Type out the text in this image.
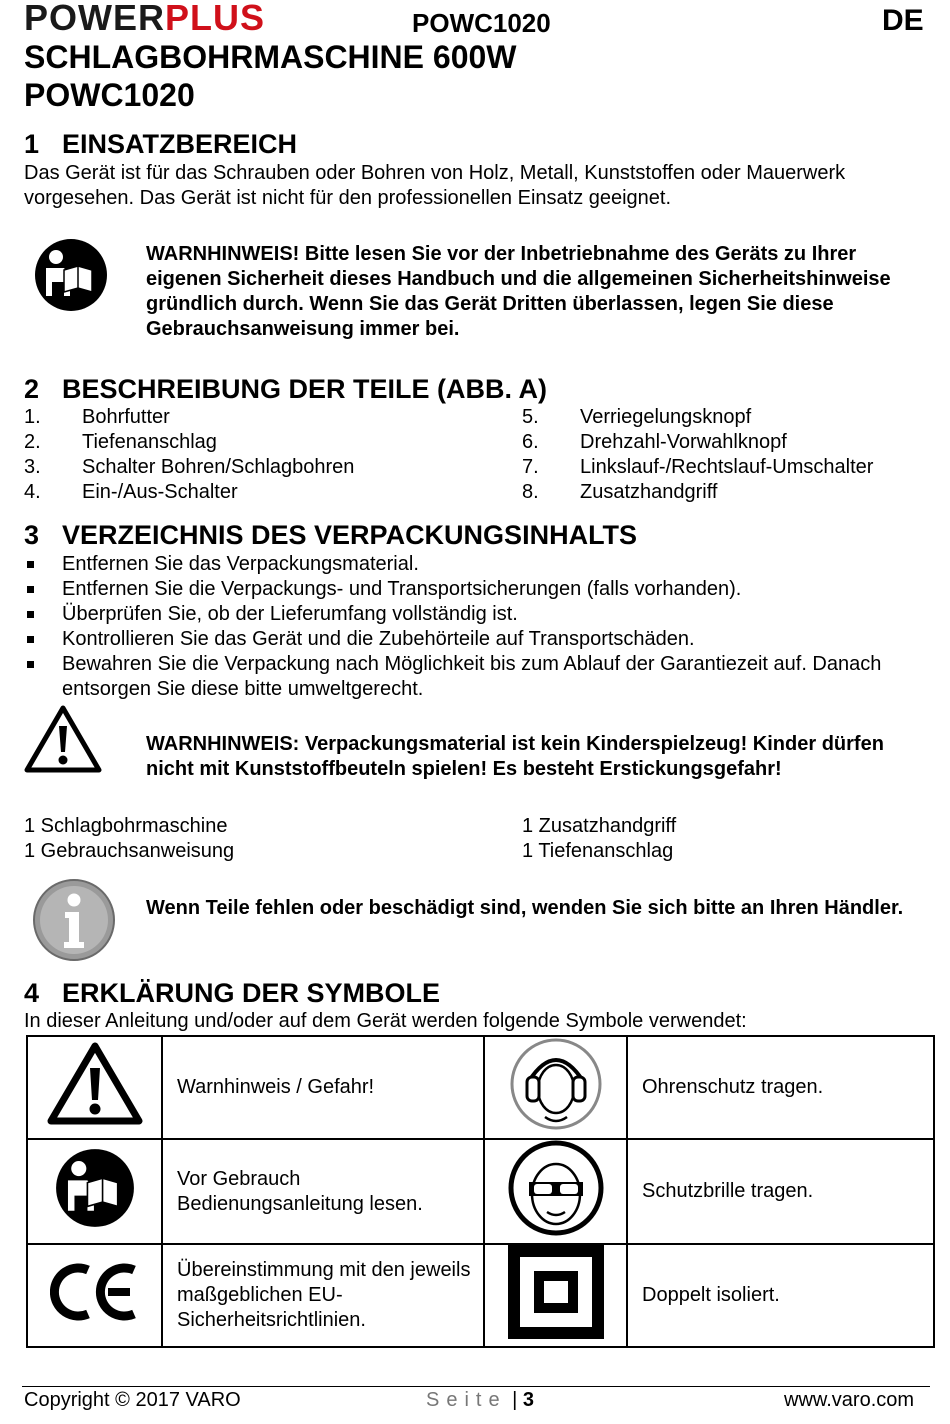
POWERPLUS	POWC1020	DE
SCHLAGBOHRMASCHINE 600W
POWC1020
1 EINSATZBEREICH
Das Gerät ist für das Schrauben oder Bohren von Holz, Metall, Kunststoffen oder Mauerwerk vorgesehen. Das Gerät ist nicht für den professionellen Einsatz geeignet.
WARNHINWEIS! Bitte lesen Sie vor der Inbetriebnahme des Geräts zu Ihrer eigenen Sicherheit dieses Handbuch und die allgemeinen Sicherheitshinweise gründlich durch. Wenn Sie das Gerät Dritten überlassen, legen Sie diese Gebrauchsanweisung immer bei.
2 BESCHREIBUNG DER TEILE (ABB. A)
1. Bohrfutter
2. Tiefenanschlag
3. Schalter Bohren/Schlagbohren
4. Ein-/Aus-Schalter
5. Verriegelungsknopf
6. Drehzahl-Vorwahlknopf
7. Linkslauf-/Rechtslauf-Umschalter
8. Zusatzhandgriff
3 VERZEICHNIS DES VERPACKUNGSINHALTS
Entfernen Sie das Verpackungsmaterial.
Entfernen Sie die Verpackungs- und Transportsicherungen (falls vorhanden).
Überprüfen Sie, ob der Lieferumfang vollständig ist.
Kontrollieren Sie das Gerät und die Zubehörteile auf Transportschäden.
Bewahren Sie die Verpackung nach Möglichkeit bis zum Ablauf der Garantiezeit auf. Danach entsorgen Sie diese bitte umweltgerecht.
WARNHINWEIS: Verpackungsmaterial ist kein Kinderspielzeug! Kinder dürfen nicht mit Kunststoffbeuteln spielen! Es besteht Erstickungsgefahr!
1 Schlagbohrmaschine
1 Gebrauchsanweisung
1 Zusatzhandgriff
1 Tiefenanschlag
Wenn Teile fehlen oder beschädigt sind, wenden Sie sich bitte an Ihren Händler.
4 ERKLÄRUNG DER SYMBOLE
In dieser Anleitung und/oder auf dem Gerät werden folgende Symbole verwendet:
	Warnhinweis / Gefahr!		Ohrenschutz tragen.
	Vor Gebrauch Bedienungsanleitung lesen.		Schutzbrille tragen.
	Übereinstimmung mit den jeweils maßgeblichen EU-Sicherheitsrichtlinien.		Doppelt isoliert.
Copyright © 2017 VARO	Seite | 3	www.varo.com
